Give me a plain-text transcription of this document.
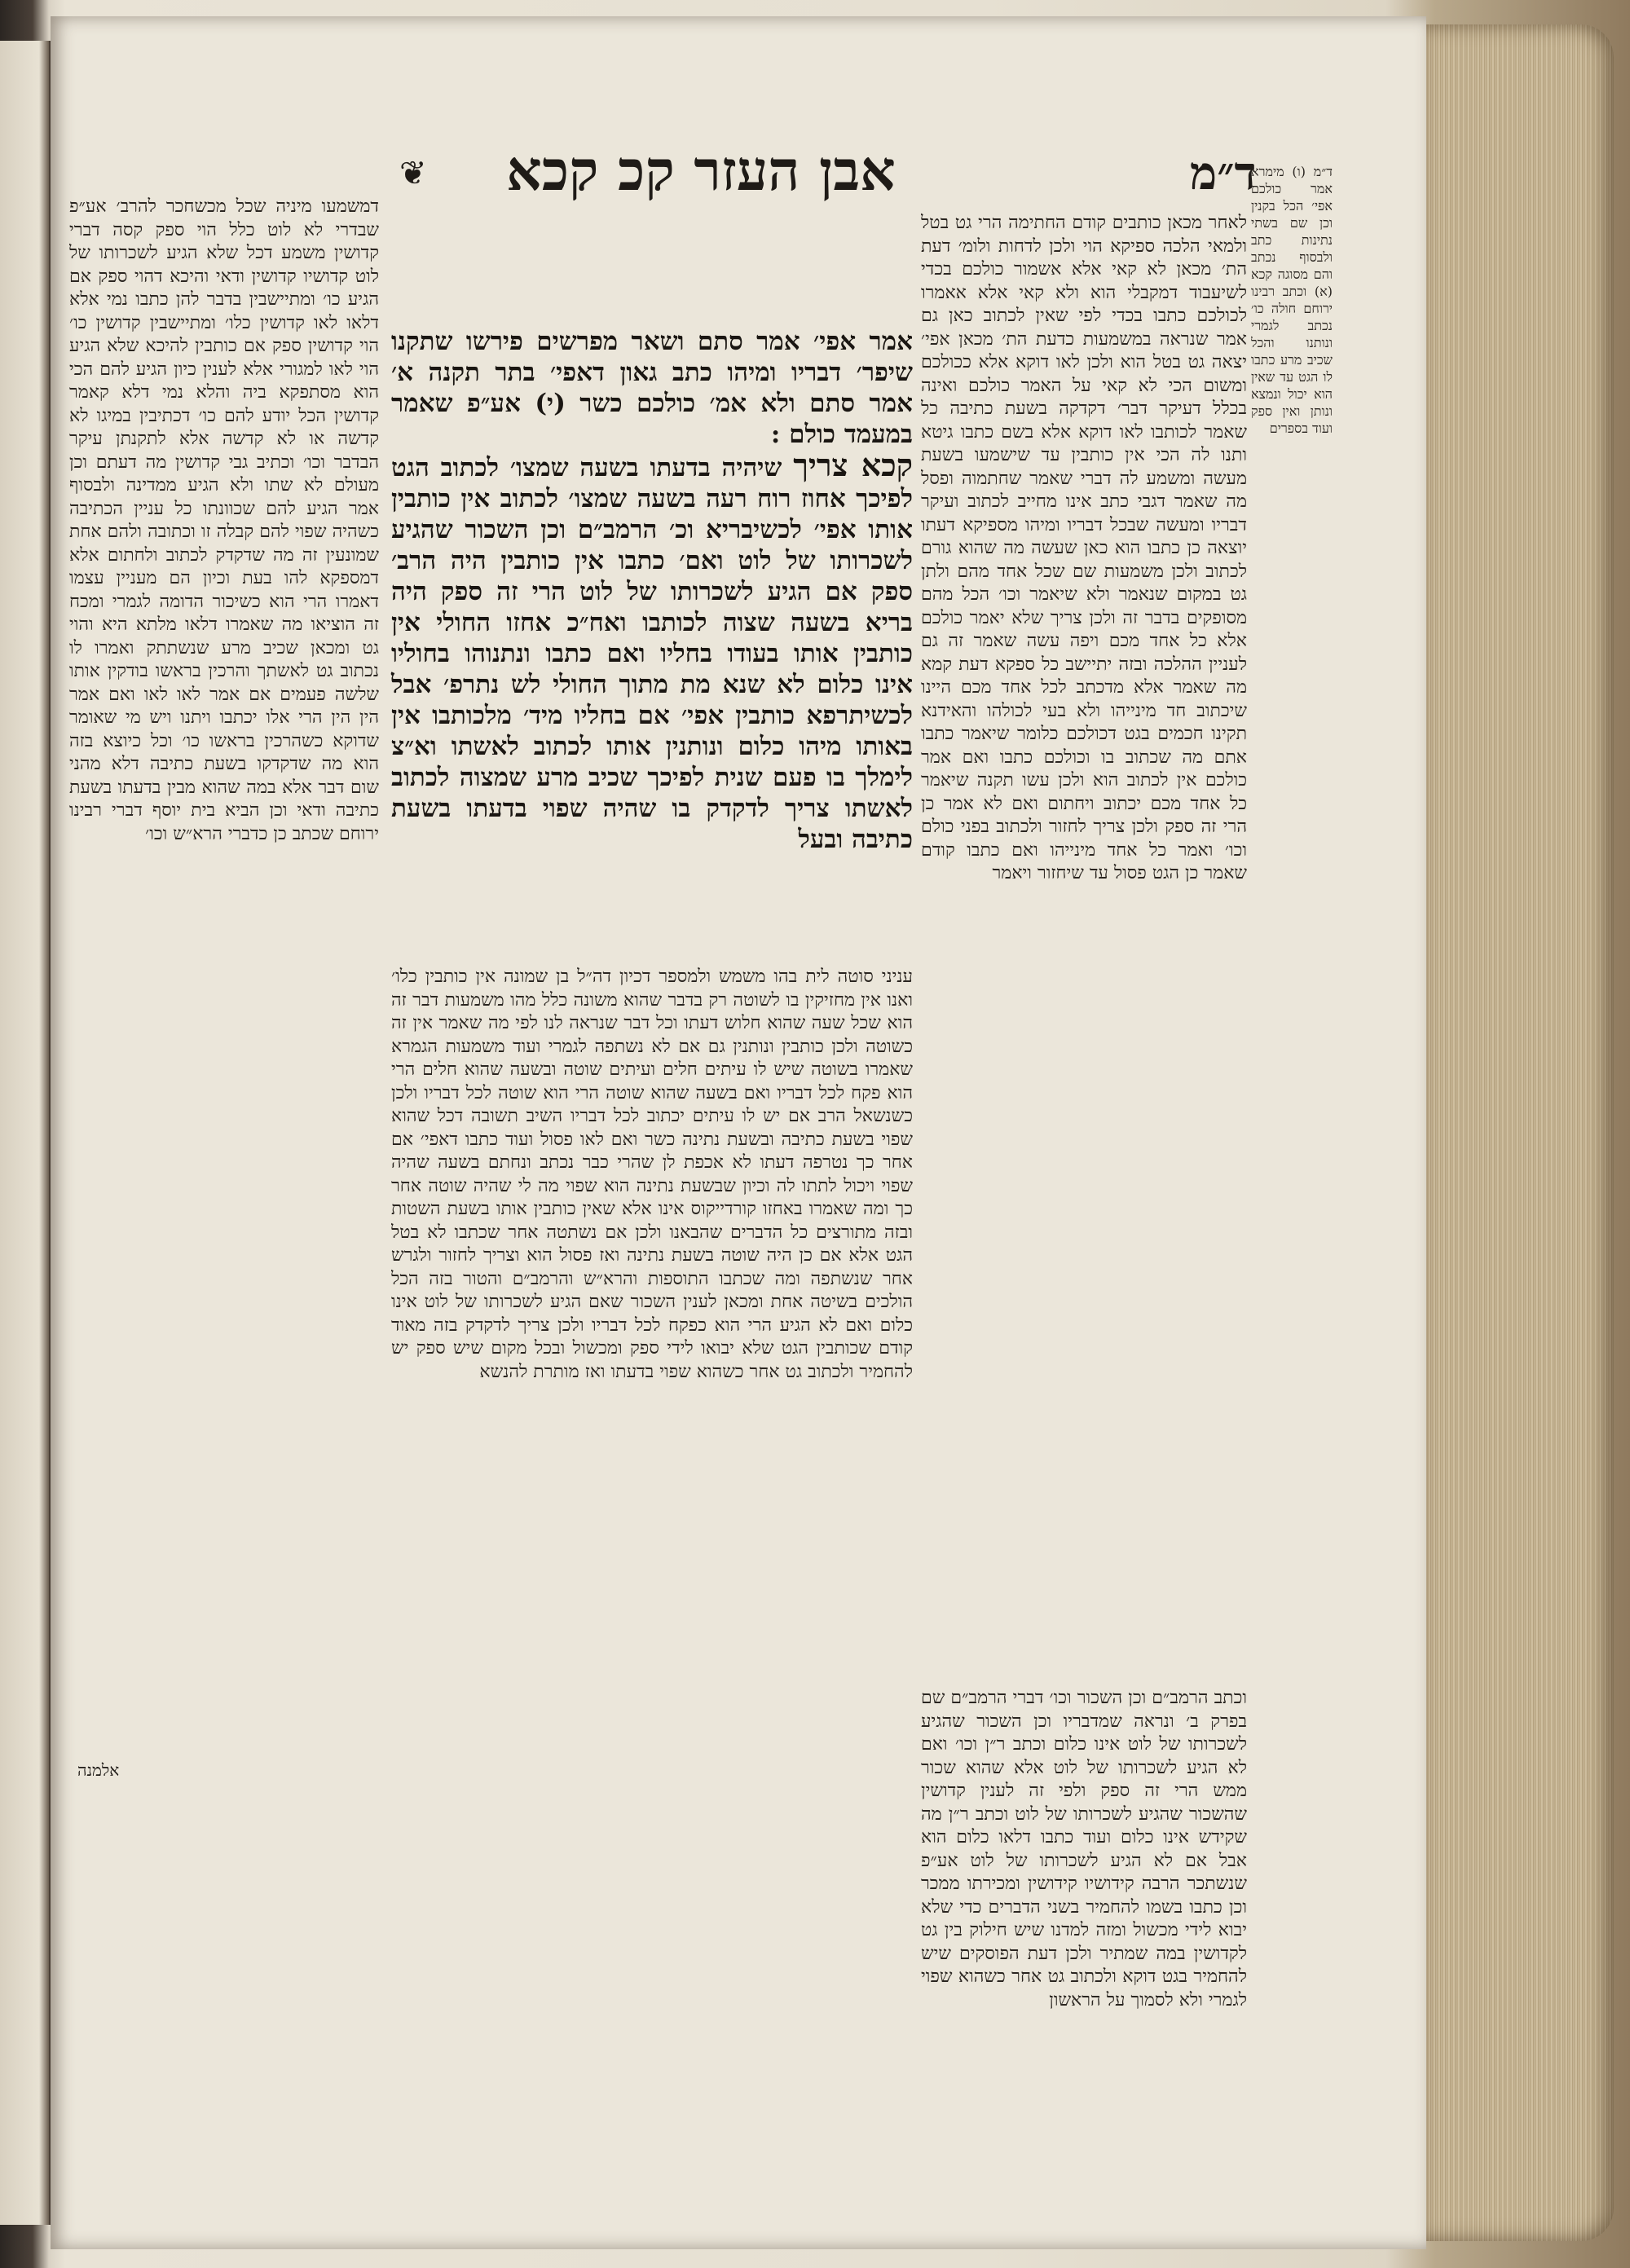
אבן העזר קכ קכא	ד״מ
❦	ד״מ (ו) מימרא אמר כולכם אפי׳ הכל בקנין וכן שם בשתי נתינות כתב ולבסוף נכתב והם מסוגה קכא (א) וכתב רבינו ירוחם חולה כו׳ נכתב לגמרי ונותנו והכל שכיב מרע כתבו לו הגט עד שאין הוא יכול ונמצא ונותן ואין ספק ועוד בספרים
לאחר מכאן כותבים קודם החתימה הרי גט בטל ולמאי הלכה ספיקא הוי ולכן לדחות ולומ׳ דעת הת׳ מכאן לא קאי אלא אשמור כולכם בכדי לשיעבוד דמקבלי הוא ולא קאי אלא אאמרו לכולכם כתבו בכדי לפי שאין לכתוב כאן גם אמר שנראה במשמעות כדעת הת׳ מכאן אפי׳ יצאה גט בטל הוא ולכן לאו דוקא אלא ככולכם ומשום הכי לא קאי על האמר כולכם ואינה בכלל דעיקר דבר׳ דקדקה בשעת כתיבה כל שאמר לכותבו לאו דוקא אלא בשם כתבו גיטא ותנו לה הכי אין כותבין עד שישמעו בשעת מעשה ומשמע לה דברי שאמר שחתמוה ופסל מה שאמר דגבי כתב אינו מחייב לכתוב ועיקר דבריו ומעשה שבכל דבריו ומיהו מספיקא דעתו יוצאה כן כתבו הוא כאן שעשה מה שהוא גורם לכתוב ולכן משמעות שם שכל אחד מהם ולתן גט במקום שנאמר ולא שיאמר וכו׳ הכל מהם מסופקים בדבר זה ולכן צריך שלא יאמר כולכם אלא כל אחד מכם ויפה עשה שאמר זה גם לעניין ההלכה ובזה יתיישב כל ספקא דעת קמא מה שאמר אלא מדכתב לכל אחד מכם היינו שיכתוב חד מינייהו ולא בעי לכולהו והאידנא תקינו חכמים בגט דכולכם כלומר שיאמר כתבו אתם מה שכתוב בו וכולכם כתבו ואם אמר כולכם אין לכתוב הוא ולכן עשו תקנה שיאמר כל אחד מכם יכתוב ויחתום ואם לא אמר כן הרי זה ספק ולכן צריך לחזור ולכתוב בפני כולם וכו׳ ואמר כל אחד מינייהו ואם כתבו קודם שאמר כן הגט פסול עד שיחזור ויאמר
אמר אפי׳ אמר סתם ושאר מפרשים פירשו שתקנו שיפר׳ דבריו ומיהו כתב גאון דאפי׳ בתר תקנה א׳ אמר סתם ולא אמ׳ כולכם כשר (י) אע״פ שאמר במעמד כולם :
קכא צריך שיהיה בדעתו בשעה שמצו׳ לכתוב הגט לפיכך אחוז רוח רעה בשעה שמצו׳ לכתוב אין כותבין אותו אפי׳ לכשיבריא וכ׳ הרמב״ם וכן השכור שהגיע לשכרותו של לוט ואם׳ כתבו אין כותבין היה הרב׳ ספק אם הגיע לשכרותו של לוט הרי זה ספק היה בריא בשעה שצוה לכותבו ואח״כ אחזו החולי אין כותבין אותו בעודו בחליו ואם כתבו ונתנוהו בחוליו אינו כלום לא שנא מת מתוך החולי לש נתרפ׳ אבל לכשיתרפא כותבין אפי׳ אם בחליו מיד׳ מלכותבו אין באותו מיהו כלום ונותנין אותו לכתוב לאשתו וא״צ לימלך בו פעם שנית לפיכך שכיב מרע שמצוה לכתוב לאשתו צריך לדקדק בו שהיה שפוי בדעתו בשעת כתיבה ובעל
עניני סוטה לית בהו משמש ולמספר דכיון דה״ל בן שמונה אין כותבין כלו׳ ואנו אין מחזיקין בו לשוטה רק בדבר שהוא משונה כלל מהו משמעות דבר זה הוא שכל שעה שהוא חלוש דעתו וכל דבר שנראה לנו לפי מה שאמר אין זה כשוטה ולכן כותבין ונותנין גם אם לא נשתפה לגמרי ועוד משמעות הגמרא שאמרו בשוטה שיש לו עיתים חלים ועיתים שוטה ובשעה שהוא חלים הרי הוא פקח לכל דבריו ואם בשעה שהוא שוטה הרי הוא שוטה לכל דבריו ולכן כשנשאל הרב אם יש לו עיתים יכתוב לכל דבריו השיב תשובה דכל שהוא שפוי בשעת כתיבה ובשעת נתינה כשר ואם לאו פסול ועוד כתבו דאפי׳ אם אחר כך נטרפה דעתו לא אכפת לן שהרי כבר נכתב ונחתם בשעה שהיה שפוי ויכול לתתו לה וכיון שבשעת נתינה הוא שפוי מה לי שהיה שוטה אחר כך ומה שאמרו באחזו קורדייקוס אינו אלא שאין כותבין אותו בשעת השטות ובזה מתורצים כל הדברים שהבאנו ולכן אם נשתטה אחר שכתבו לא בטל הגט אלא אם כן היה שוטה בשעת נתינה ואז פסול הוא וצריך לחזור ולגרש אחר שנשתפה ומה שכתבו התוספות והרא״ש והרמב״ם והטור בזה הכל הולכים בשיטה אחת ומכאן לענין השכור שאם הגיע לשכרותו של לוט אינו כלום ואם לא הגיע הרי הוא כפקח לכל דבריו ולכן צריך לדקדק בזה מאוד קודם שכותבין הגט שלא יבואו לידי ספק ומכשול ובכל מקום שיש ספק יש להחמיר ולכתוב גט אחר כשהוא שפוי בדעתו ואז מותרת להנשא
דמשמעו מיניה שכל מכשחכר להרב׳ אע״פ שבדרי לא לוט כלל הוי ספק קסה דברי קדושין משמע דכל שלא הגיע לשכרותו של לוט קדושיו קדושין ודאי והיכא דהוי ספק אם הגיע כו׳ ומתיישבין בדבר להן כתבו נמי אלא דלאו לאו קדושין כלו׳ ומתיישבין קדושין כו׳ הוי קדושין ספק אם כותבין להיכא שלא הגיע הוי לאו למגורי אלא לענין כיון הגיע להם הכי הוא מסתפקא ביה והלא נמי דלא קאמר קדושין הכל יודע להם כו׳ דכתיבין במיגו לא קדשה או לא קדשה אלא לתקנתן עיקר הבדבר וכו׳ וכתיב גבי קדושין מה דעתם וכן מעולם לא שתו ולא הגיע ממדינה ולבסוף אמר הגיע להם שכוונתו כל עניין הכתיבה כשהיה שפוי להם קבלה זו וכתובה ולהם אחת שמונעין זה מה שדקדק לכתוב ולחתום אלא דמספקא להו בעת וכיון הם מעניין עצמו דאמרו הרי הוא כשיכור הדומה לגמרי ומכח זה הוציאו מה שאמרו דלאו מלתא היא והוי גט ומכאן שכיב מרע שנשתתק ואמרו לו נכתוב גט לאשתך והרכין בראשו בודקין אותו שלשה פעמים אם אמר לאו לאו ואם אמר הין הין הרי אלו יכתבו ויתנו ויש מי שאומר שדוקא כשהרכין בראשו כו׳ וכל כיוצא בזה הוא מה שדקדקו בשעת כתיבה דלא מהני שום דבר אלא במה שהוא מבין בדעתו בשעת כתיבה ודאי וכן הביא בית יוסף דברי רבינו ירוחם שכתב כן כדברי הרא״ש וכו׳
וכתב הרמב״ם וכן השכור וכו׳ דברי הרמב״ם שם בפרק ב׳ ונראה שמדבריו וכן השכור שהגיע לשכרותו של לוט אינו כלום וכתב ר״ן וכו׳ ואם לא הגיע לשכרותו של לוט אלא שהוא שכור ממש הרי זה ספק ולפי זה לענין קדושין שהשכור שהגיע לשכרותו של לוט וכתב ר״ן מה שקידש אינו כלום ועוד כתבו דלאו כלום הוא אבל אם לא הגיע לשכרותו של לוט אע״פ שנשתכר הרבה קידושיו קידושין ומכירתו ממכר וכן כתבו בשמו להחמיר בשני הדברים כדי שלא יבוא לידי מכשול ומזה למדנו שיש חילוק בין גט לקדושין במה שמתיר ולכן דעת הפוסקים שיש להחמיר בגט דוקא ולכתוב גט אחר כשהוא שפוי לגמרי ולא לסמוך על הראשון
אלמנה
